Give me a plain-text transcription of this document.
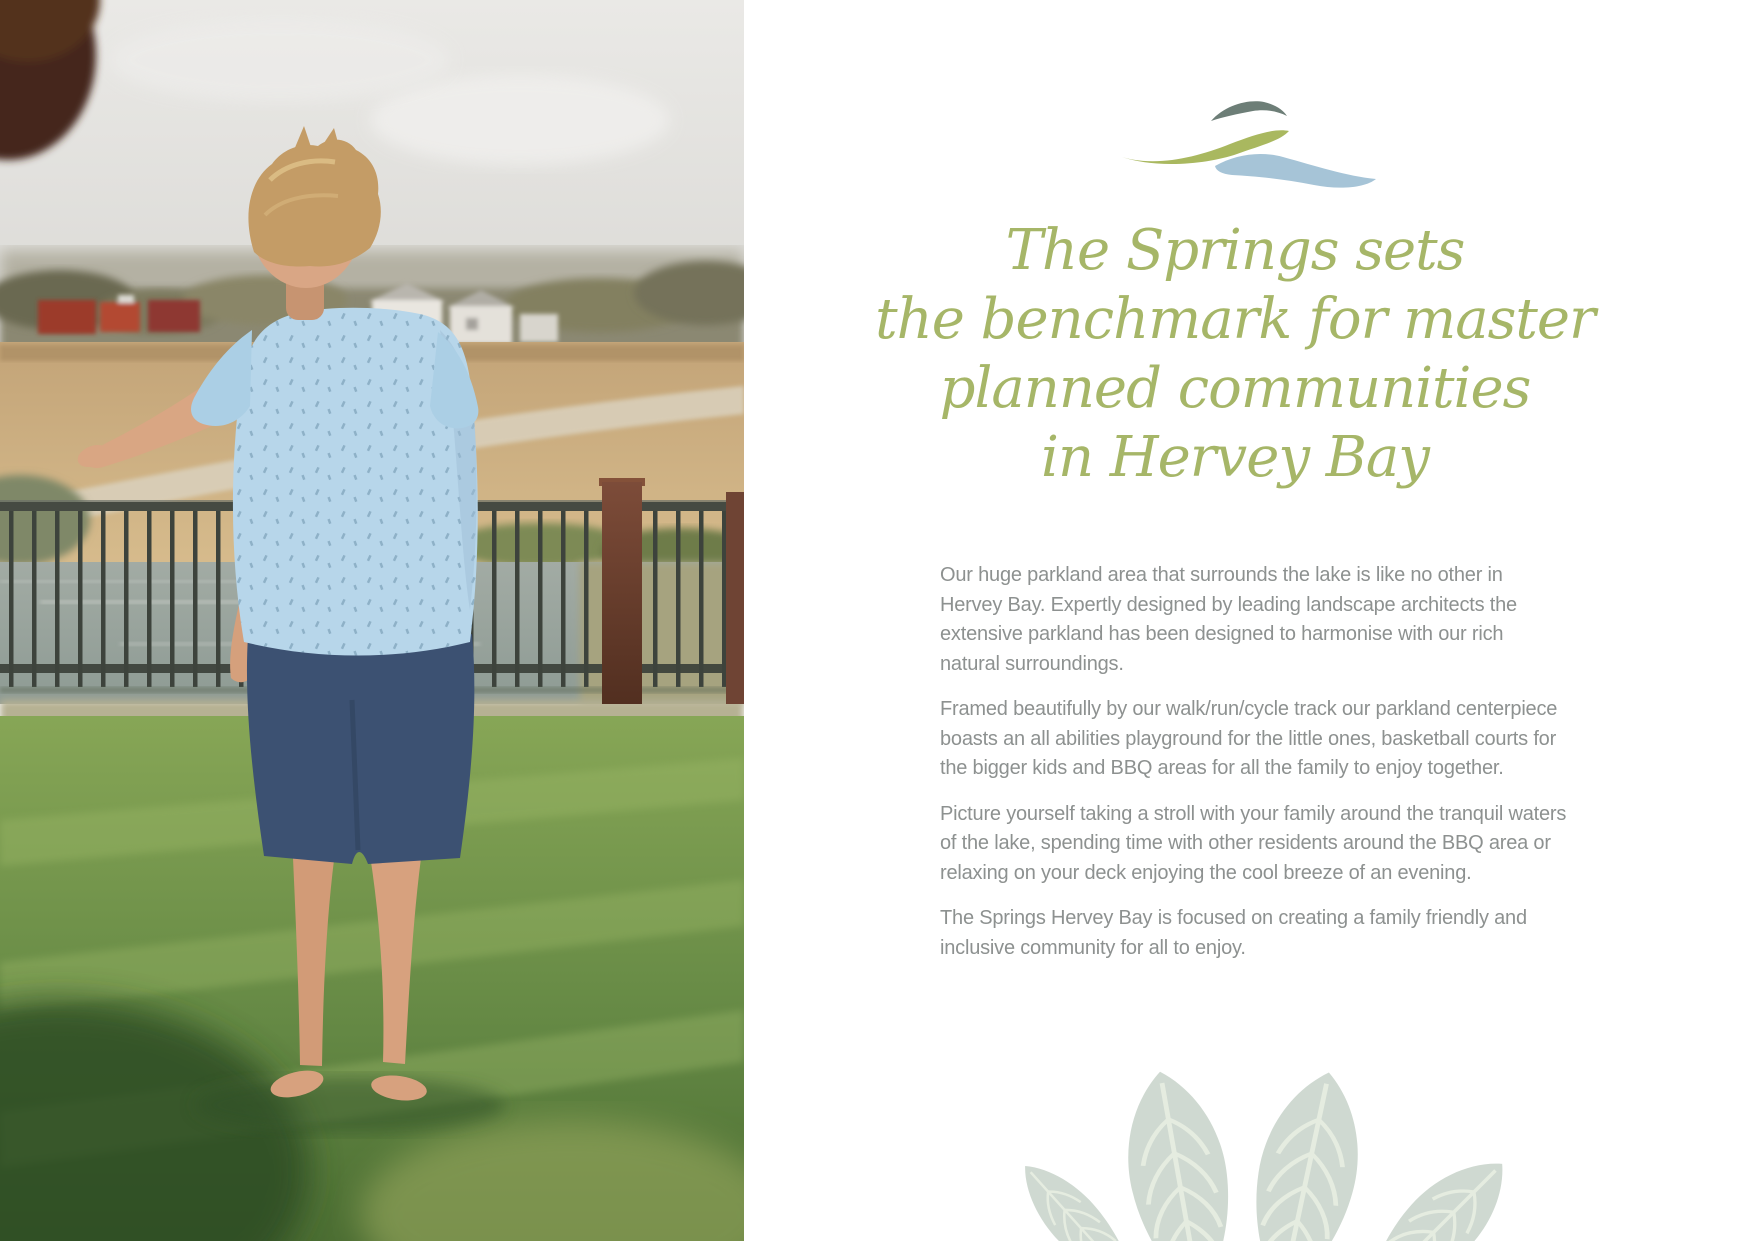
The Springs sets
the benchmark for master
planned communities
in Hervey Bay

Our huge parkland area that surrounds the lake is like no other in
Hervey Bay. Expertly designed by leading landscape architects the
extensive parkland has been designed to harmonise with our rich
natural surroundings.

Framed beautifully by our walk/run/cycle track our parkland centerpiece
boasts an all abilities playground for the little ones, basketball courts for
the bigger kids and BBQ areas for all the family to enjoy together.

Picture yourself taking a stroll with your family around the tranquil waters
of the lake, spending time with other residents around the BBQ area or
relaxing on your deck enjoying the cool breeze of an evening.

The Springs Hervey Bay is focused on creating a family friendly and
inclusive community for all to enjoy.
